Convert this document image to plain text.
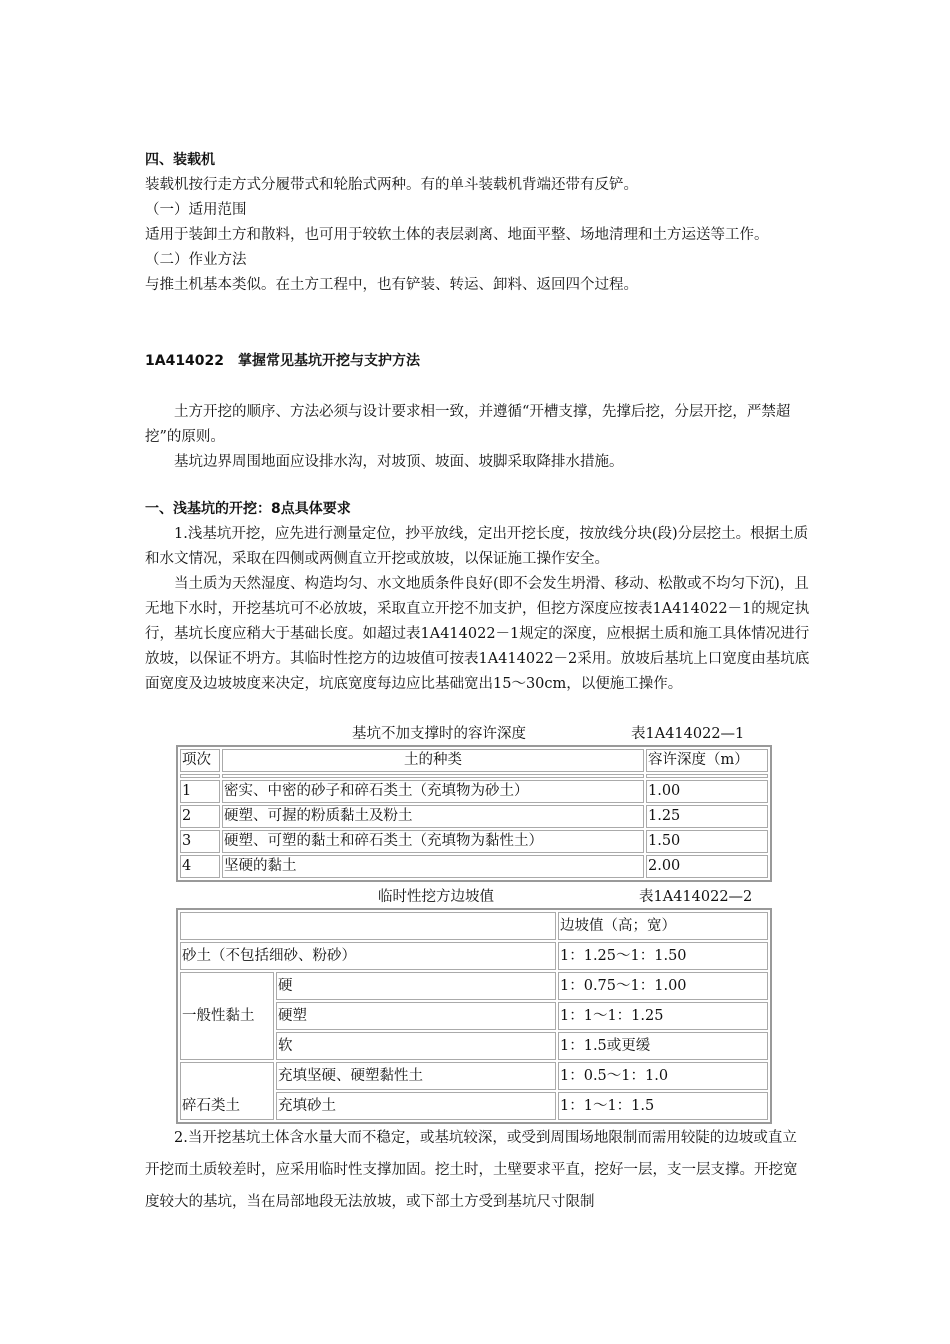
四、装载机

装载机按行走方式分履带式和轮胎式两种。有的单斗装载机背端还带有反铲。

（一）适用范围

适用于装卸土方和散料，也可用于较软土体的表层剥离、地面平整、场地清理和土方运送等工作。

（二）作业方法

与推土机基本类似。在土方工程中，也有铲装、转运、卸料、返回四个过程。

1A414022　掌握常见基坑开挖与支护方法

土方开挖的顺序、方法必须与设计要求相一致，并遵循“开槽支撑，先撑后挖，分层开挖，严禁超挖”的原则。

基坑边界周围地面应设排水沟，对坡顶、坡面、坡脚采取降排水措施。

一、浅基坑的开挖：8点具体要求

1.浅基坑开挖，应先进行测量定位，抄平放线，定出开挖长度，按放线分块(段)分层挖土。根据土质和水文情况，采取在四侧或两侧直立开挖或放坡，以保证施工操作安全。

当土质为天然湿度、构造均匀、水文地质条件良好(即不会发生坍滑、移动、松散或不均匀下沉)，且无地下水时，开挖基坑可不必放坡，采取直立开挖不加支护，但挖方深度应按表1A414022－1的规定执行，基坑长度应稍大于基础长度。如超过表1A414022－1规定的深度，应根据土质和施工具体情况进行放坡，以保证不坍方。其临时性挖方的边坡值可按表1A414022－2采用。放坡后基坑上口宽度由基坑底面宽度及边坡坡度来决定，坑底宽度每边应比基础宽出15～30cm，以便施工操作。

基坑不加支撑时的容许深度	表1A414022—1
项次	土的种类	容许深度（m）

1	密实、中密的砂子和碎石类土（充填物为砂土）	1.00
2	硬塑、可握的粉质黏土及粉土	1.25
3	硬塑、可塑的黏土和碎石类土（充填物为黏性土）	1.50
4	坚硬的黏土	2.00
临时性挖方边坡值	表1A414022—2
		边坡值（高；宽）
砂土（不包括细砂、粉砂）		1：1.25～1：1.50
一般性黏土	硬	1：0.75～1：1.00
	硬塑	1：1～1：1.25
	软	1：1.5或更缓
碎石类土	充填坚硬、硬塑黏性土	1：0.5～1：1.0
	充填砂土	1：1～1：1.5

2.当开挖基坑土体含水量大而不稳定，或基坑较深，或受到周围场地限制而需用较陡的边坡或直立开挖而土质较差时，应采用临时性支撑加固。挖土时，土壁要求平直，挖好一层，支一层支撑。开挖宽度较大的基坑，当在局部地段无法放坡，或下部土方受到基坑尺寸限制
